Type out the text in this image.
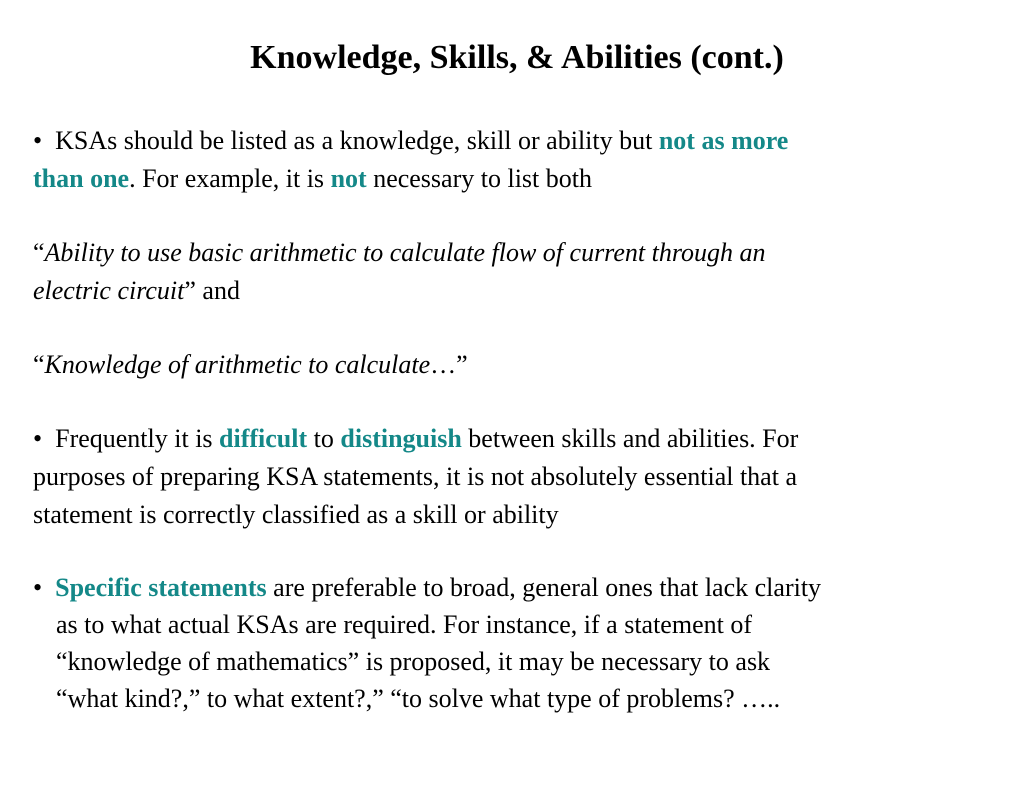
Knowledge, Skills, & Abilities (cont.)
• KSAs should be listed as a knowledge, skill or ability but not as more
than one. For example, it is not necessary to list both
“Ability to use basic arithmetic to calculate flow of current through an
electric circuit” and
“Knowledge of arithmetic to calculate…”
• Frequently it is difficult to distinguish between skills and abilities. For
purposes of preparing KSA statements, it is not absolutely essential that a
statement is correctly classified as a skill or ability
• Specific statements are preferable to broad, general ones that lack clarity
as to what actual KSAs are required. For instance, if a statement of
“knowledge of mathematics” is proposed, it may be necessary to ask
“what kind?,” to what extent?,” “to solve what type of problems? …..
